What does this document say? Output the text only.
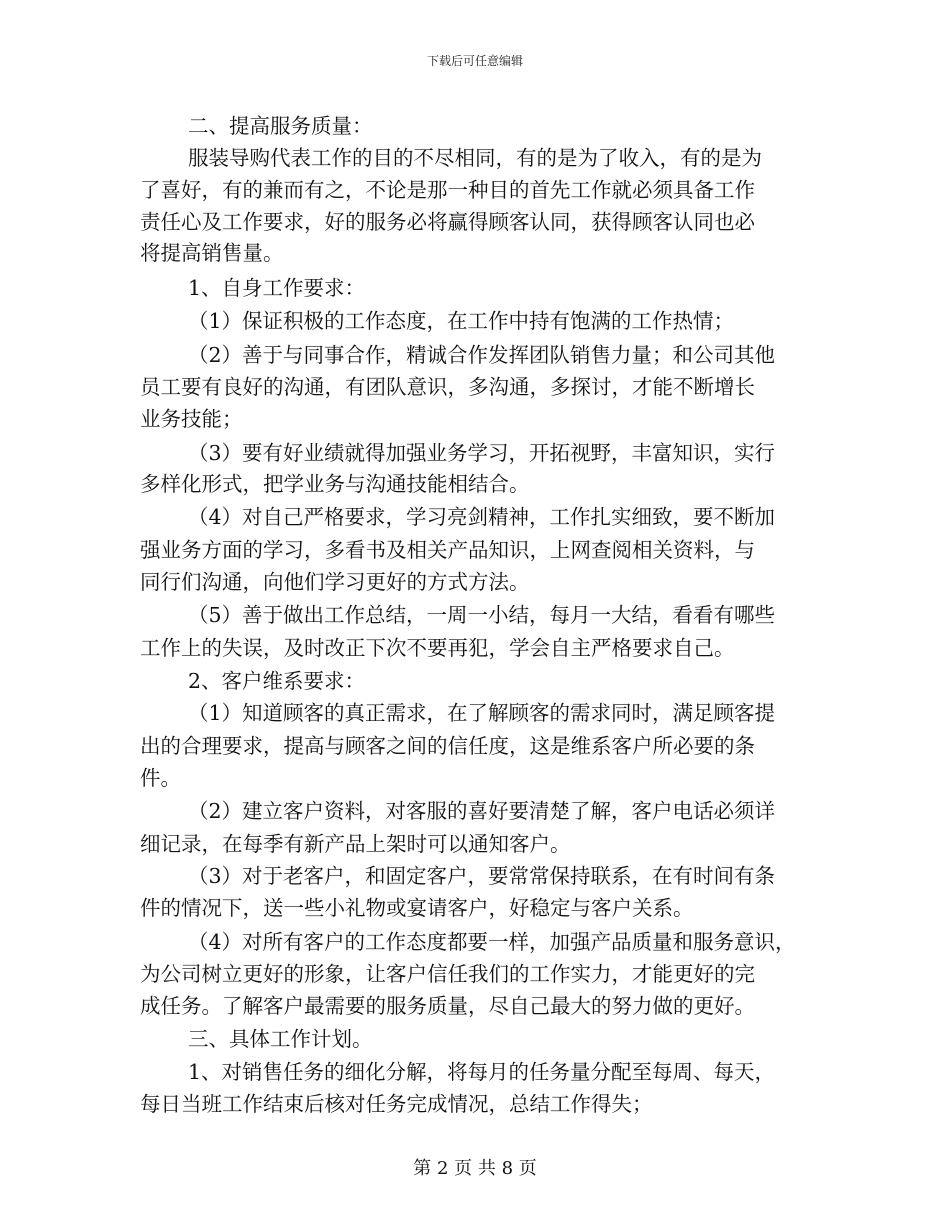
下载后可任意编辑
二、提高服务质量：
服装导购代表工作的目的不尽相同，有的是为了收入，有的是为
了喜好，有的兼而有之，不论是那一种目的首先工作就必须具备工作
责任心及工作要求，好的服务必将赢得顾客认同，获得顾客认同也必
将提高销售量。
1、自身工作要求：
（1）保证积极的工作态度，在工作中持有饱满的工作热情；
（2）善于与同事合作，精诚合作发挥团队销售力量；和公司其他
员工要有良好的沟通，有团队意识，多沟通，多探讨，才能不断增长
业务技能；
（3）要有好业绩就得加强业务学习，开拓视野，丰富知识，实行
多样化形式，把学业务与沟通技能相结合。
（4）对自己严格要求，学习亮剑精神，工作扎实细致，要不断加
强业务方面的学习，多看书及相关产品知识，上网查阅相关资料，与
同行们沟通，向他们学习更好的方式方法。
（5）善于做出工作总结，一周一小结，每月一大结，看看有哪些
工作上的失误，及时改正下次不要再犯，学会自主严格要求自己。
2、客户维系要求：
（1）知道顾客的真正需求，在了解顾客的需求同时，满足顾客提
出的合理要求，提高与顾客之间的信任度，这是维系客户所必要的条
件。
（2）建立客户资料，对客服的喜好要清楚了解，客户电话必须详
细记录，在每季有新产品上架时可以通知客户。
（3）对于老客户，和固定客户，要常常保持联系，在有时间有条
件的情况下，送一些小礼物或宴请客户，好稳定与客户关系。
（4）对所有客户的工作态度都要一样，加强产品质量和服务意识，
为公司树立更好的形象，让客户信任我们的工作实力，才能更好的完
成任务。了解客户最需要的服务质量，尽自己最大的努力做的更好。
三、具体工作计划。
1、对销售任务的细化分解，将每月的任务量分配至每周、每天，
每日当班工作结束后核对任务完成情况，总结工作得失；
第 2 页 共 8 页
